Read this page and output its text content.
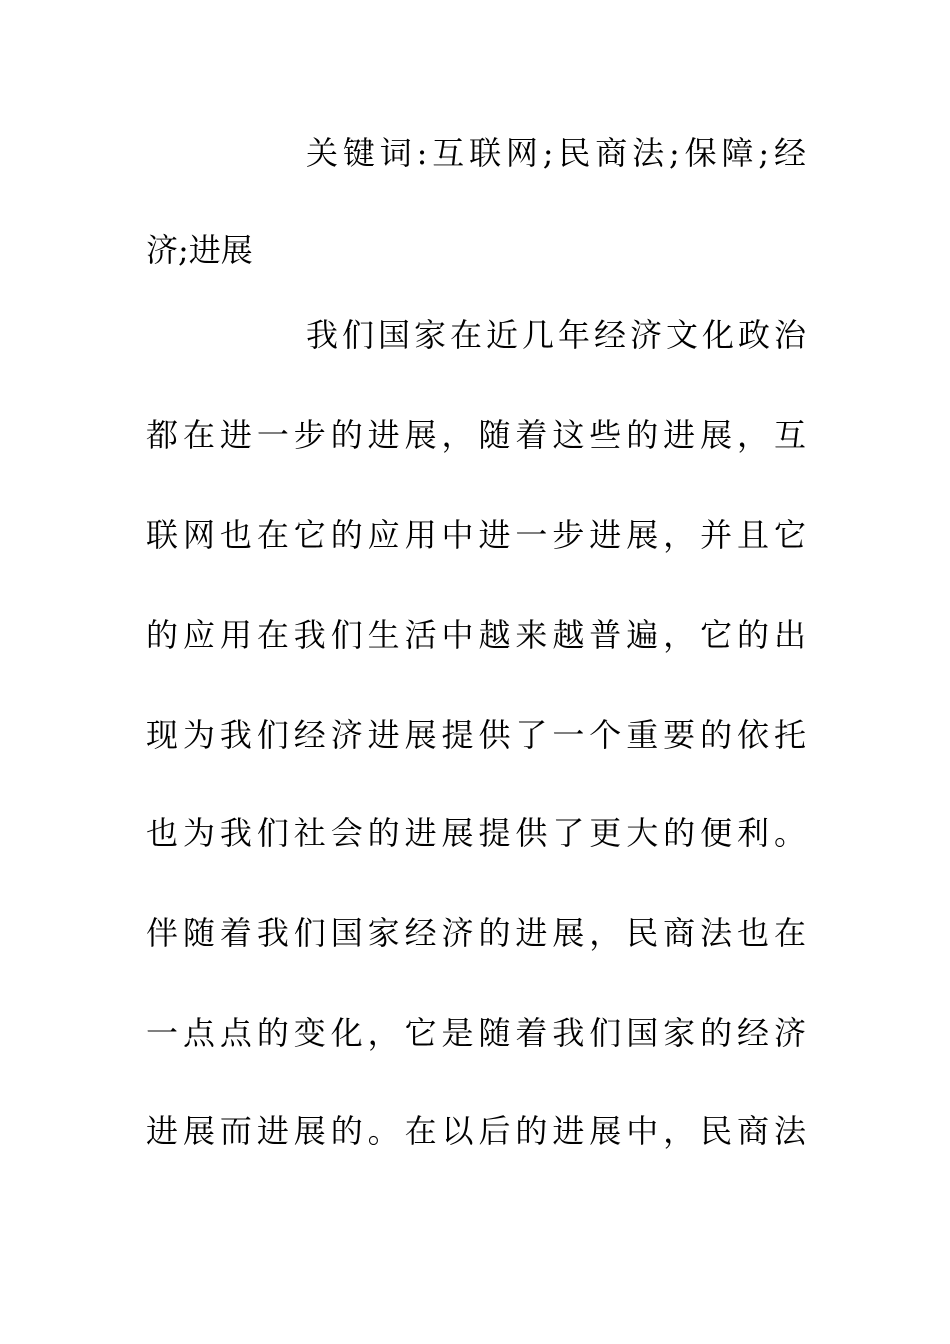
关键词:互联网;民商法;保障;经
济;进展
我们国家在近几年经济文化政治
都在进一步的进展，随着这些的进展，互
联网也在它的应用中进一步进展，并且它
的应用在我们生活中越来越普遍，它的出
现为我们经济进展提供了一个重要的依托
也为我们社会的进展提供了更大的便利。
伴随着我们国家经济的进展，民商法也在
一点点的变化，它是随着我们国家的经济
进展而进展的。在以后的进展中，民商法
